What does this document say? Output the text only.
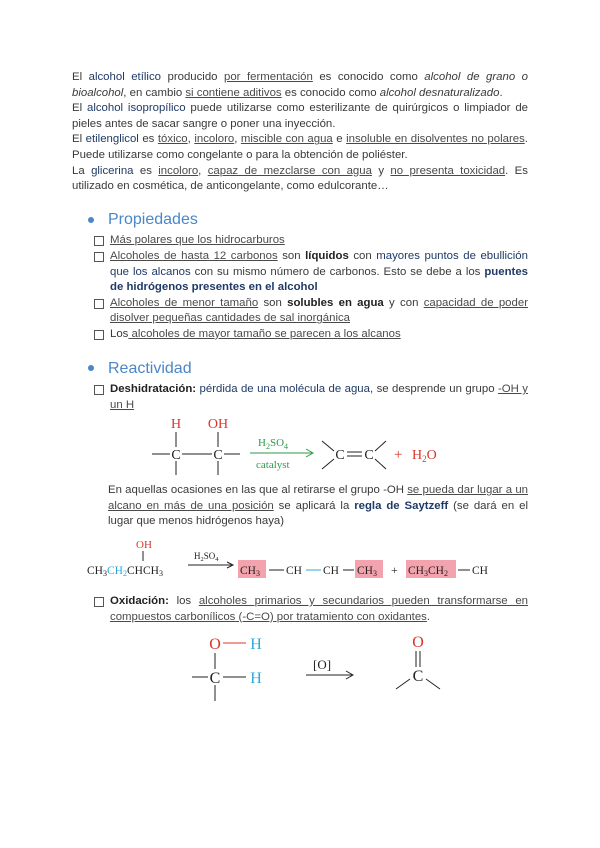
El alcohol etílico producido por fermentación es conocido como alcohol de grano o bioalcohol, en cambio si contiene aditivos es conocido como alcohol desnaturalizado.

El alcohol isopropílico puede utilizarse como esterilizante de quirúrgicos o limpiador de pieles antes de sacar sangre o poner una inyección.

El etilenglicol es tóxico, incoloro, miscible con agua e insoluble en disolventes no polares. Puede utilizarse como congelante o para la obtención de poliéster.

La glicerina es incoloro, capaz de mezclarse con agua y no presenta toxicidad. Es utilizado en cosmética, de anticongelante, como edulcorante…

Propiedades
Más polares que los hidrocarburos
Alcoholes de hasta 12 carbonos son líquidos con mayores puntos de ebullición que los alcanos con su mismo número de carbonos. Esto se debe a los puentes de hidrógenos presentes en el alcohol
Alcoholes de menor tamaño son solubles en agua y con capacidad de poder disolver pequeñas cantidades de sal inorgánica
Los alcoholes de mayor tamaño se parecen a los alcanos
Reactividad
Deshidratación: pérdida de una molécula de agua, se desprende un grupo -OH y un H
H OH
C C
$H_2SO_4$
catalyst
C $C + H_2O$

En aquellas ocasiones en las que al retirarse el grupo -OH se pueda dar lugar a un alcano en más de una posición se aplicará la regla de Saytzeff (se dará en el lugar que menos hidrógenos haya)

OH
CH3CH2CHCH3
$H_2SO_4$
CH3 CH CH CH3 + CH3CH2 CH
Oxidación: los alcoholes primarios y secundarios pueden transformarse en compuestos carbonílicos (-C=O) por tratamiento con oxidantes.
O H
C H
[O]
O
C
